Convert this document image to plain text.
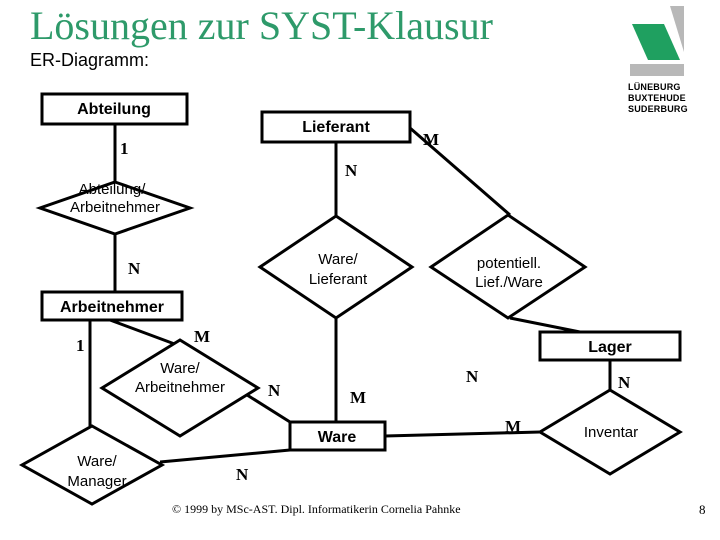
Lösungen zur SYST-Klausur
ER-Diagramm:
LÜNEBURG
BUXTEHUDE
SUDERBURG
Abteilung
Lieferant
Arbeitnehmer
Lager
Ware
Abteilung/
Arbeitnehmer
Ware/
Lieferant
potentiell.
Lief./Ware
Ware/
Arbeitnehmer
Ware/
Manager
Inventar
1	M
N
N
1	M
N	M
N	N
M
N
© 1999 by MSc-AST. Dipl. Informatikerin Cornelia Pahnke	8
